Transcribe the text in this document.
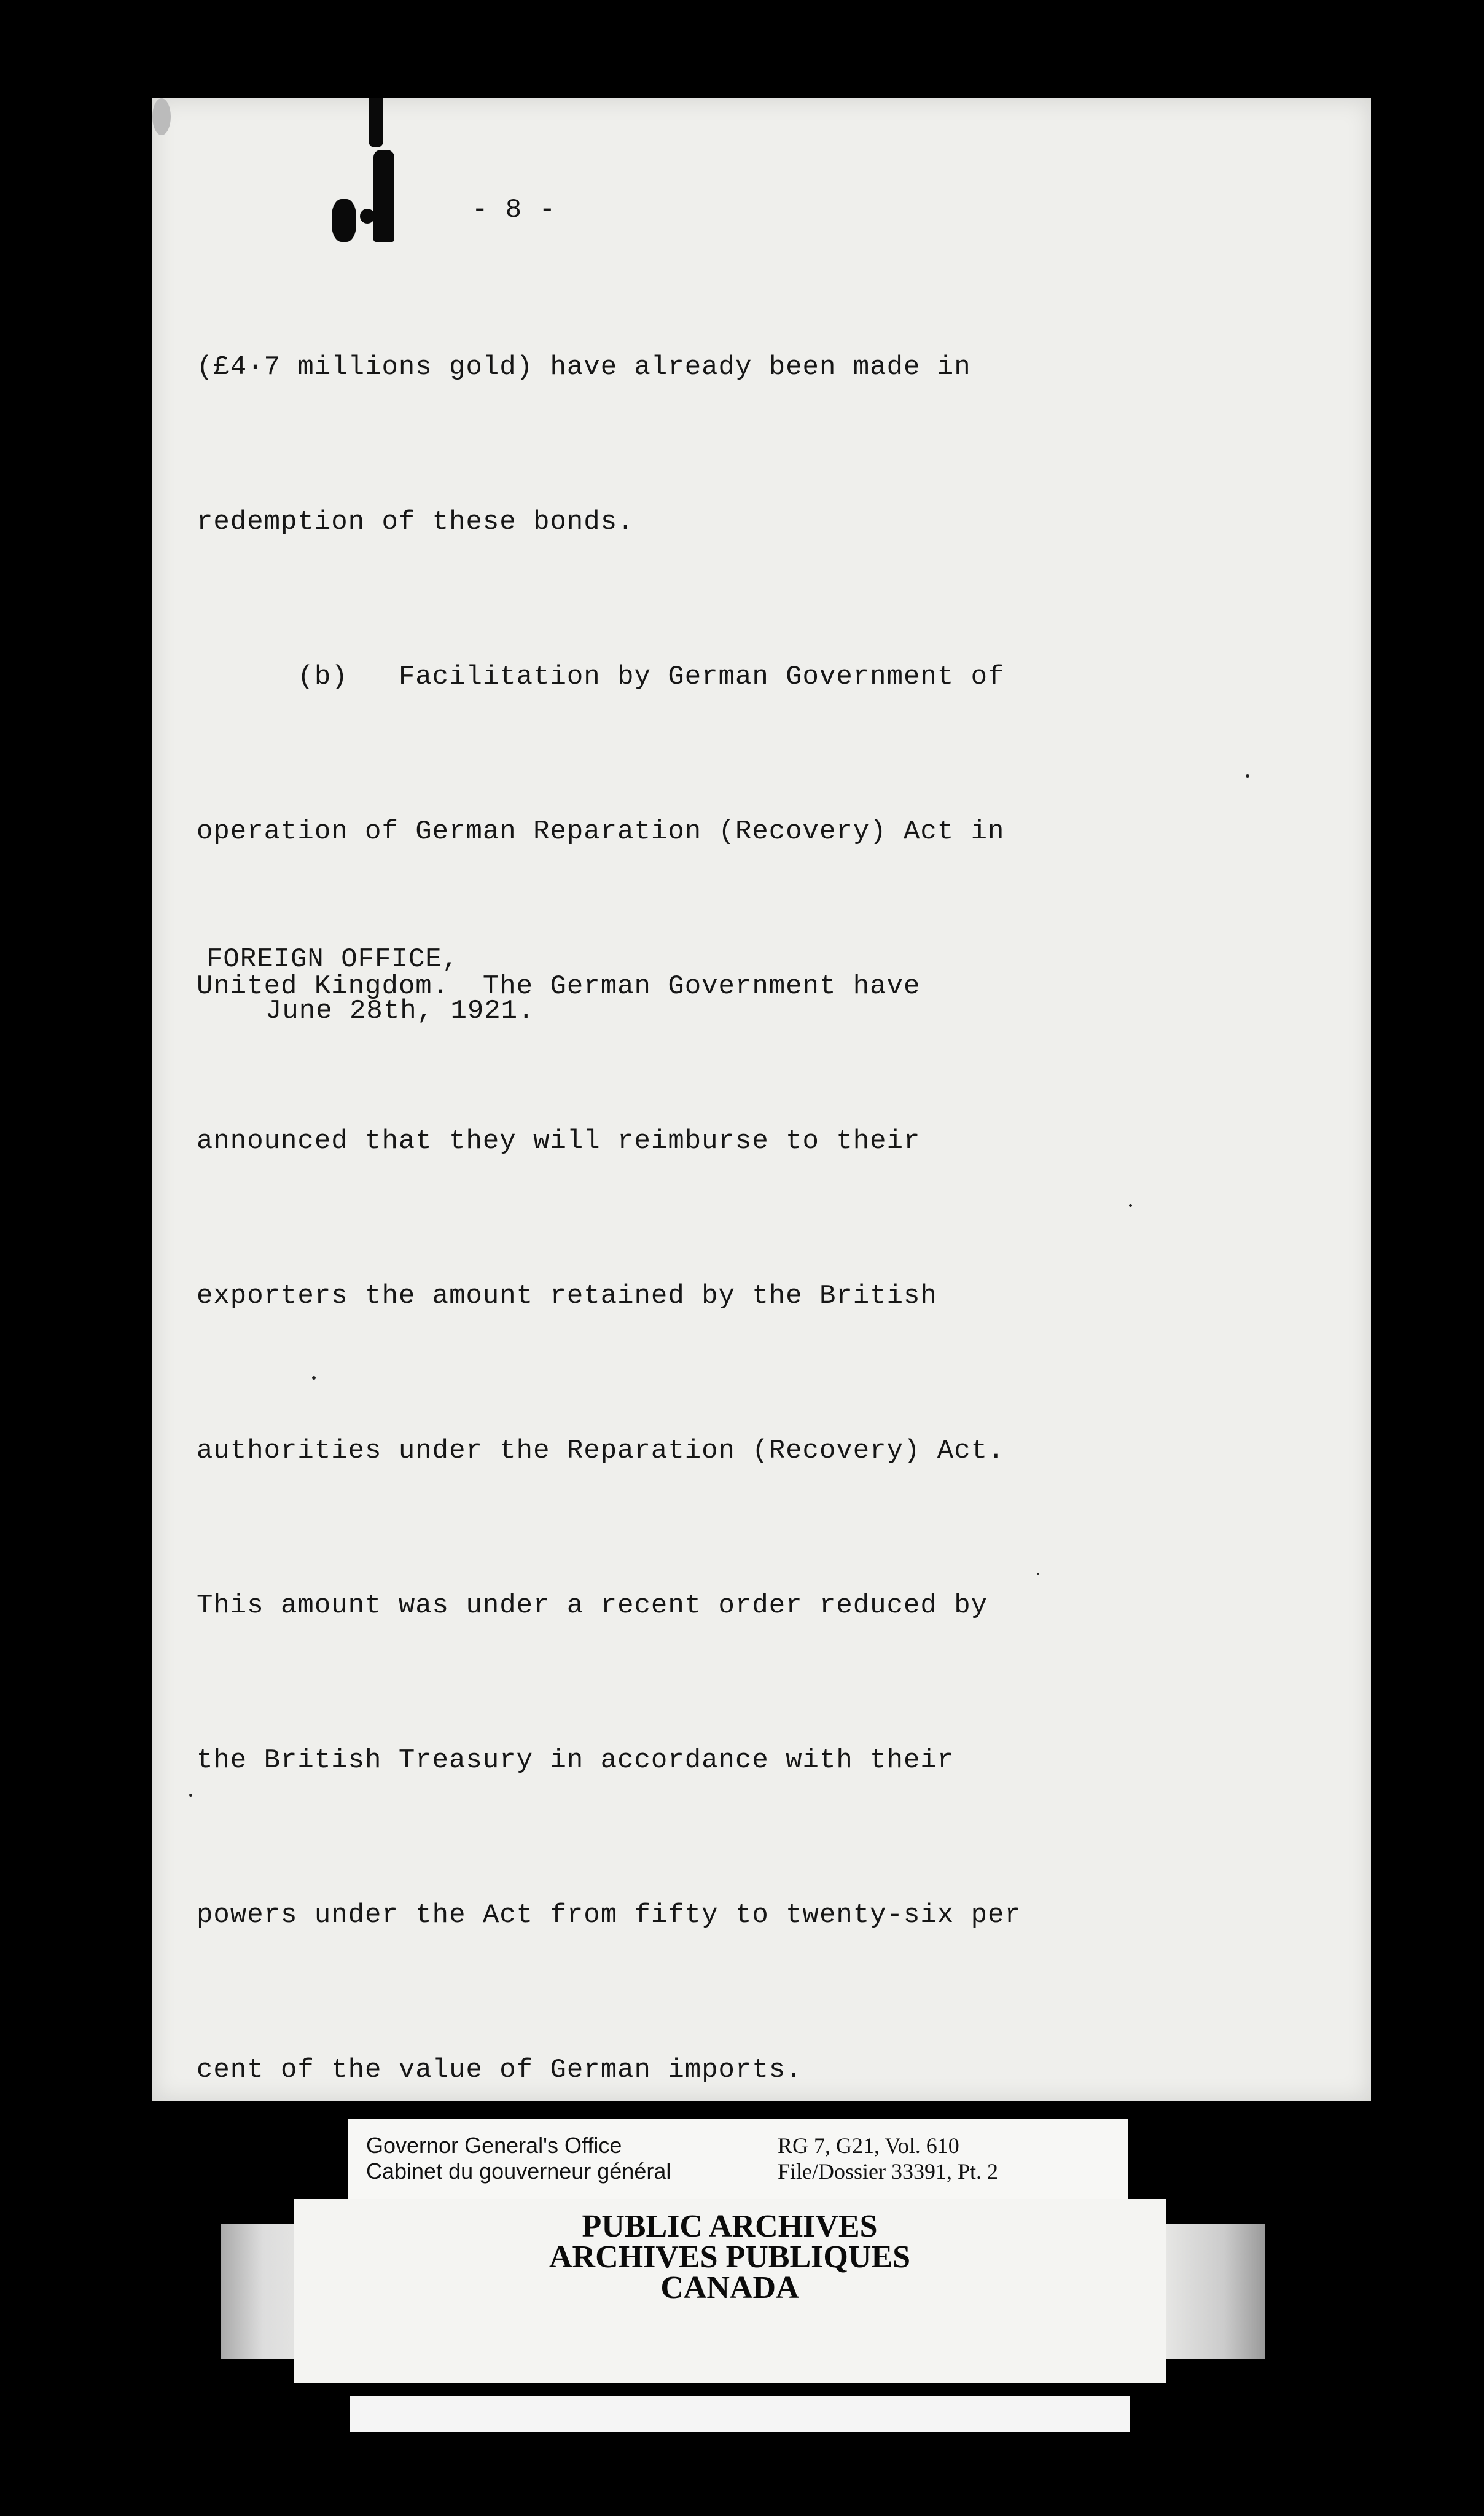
- 8 -

(£4·7 millions gold) have already been made in

redemption of these bonds.

(b)   Facilitation by German Government of

operation of German Reparation (Recovery) Act in

United Kingdom.  The German Government have

announced that they will reimburse to their

exporters the amount retained by the British

authorities under the Reparation (Recovery) Act.

This amount was under a recent order reduced by

the British Treasury in accordance with their

powers under the Act from fifty to twenty-six per

cent of the value of German imports.

FOREIGN OFFICE,
June 28th, 1921.
Governor General's Office
Cabinet du gouverneur général
RG 7, G21, Vol. 610
File/Dossier 33391, Pt. 2
PUBLIC ARCHIVES
ARCHIVES PUBLIQUES
CANADA
